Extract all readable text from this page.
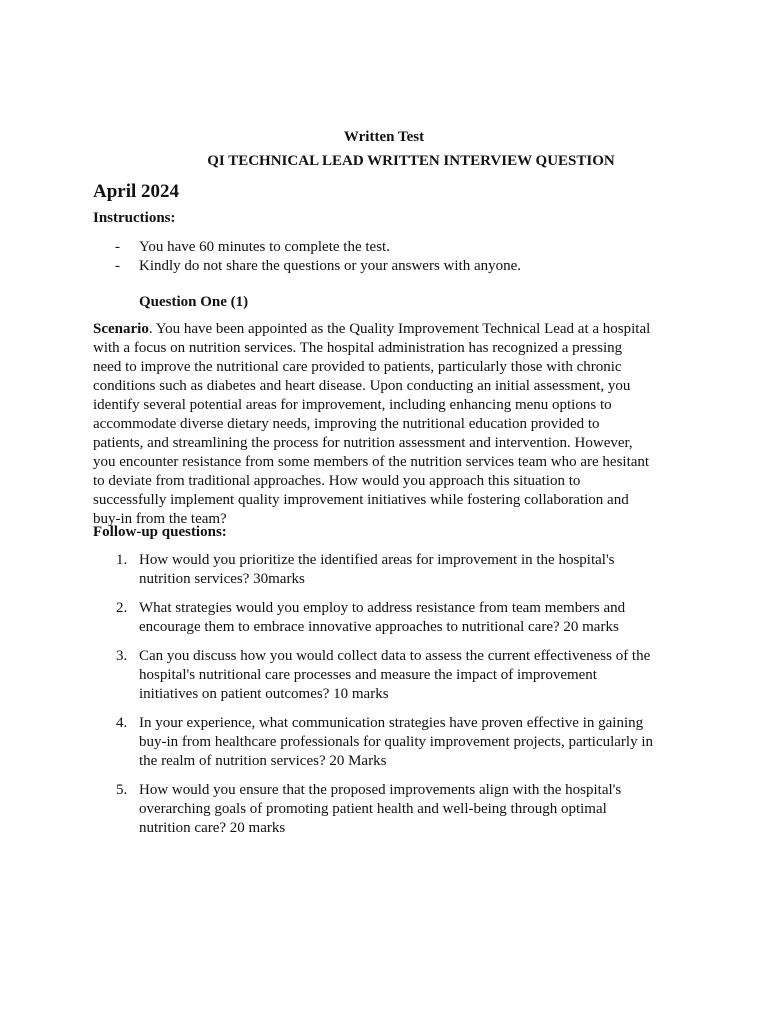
Written Test
QI TECHNICAL LEAD WRITTEN INTERVIEW QUESTION
April 2024
Instructions:
- You have 60 minutes to complete the test.
- Kindly do not share the questions or your answers with anyone.
Question One (1)

Scenario. You have been appointed as the Quality Improvement Technical Lead at a hospital with a focus on nutrition services. The hospital administration has recognized a pressing need to improve the nutritional care provided to patients, particularly those with chronic conditions such as diabetes and heart disease. Upon conducting an initial assessment, you identify several potential areas for improvement, including enhancing menu options to accommodate diverse dietary needs, improving the nutritional education provided to patients, and streamlining the process for nutrition assessment and intervention. However, you encounter resistance from some members of the nutrition services team who are hesitant to deviate from traditional approaches. How would you approach this situation to successfully implement quality improvement initiatives while fostering collaboration and buy-in from the team?

Follow-up questions:
1. How would you prioritize the identified areas for improvement in the hospital's nutrition services? 30marks
2. What strategies would you employ to address resistance from team members and encourage them to embrace innovative approaches to nutritional care? 20 marks
3. Can you discuss how you would collect data to assess the current effectiveness of the hospital's nutritional care processes and measure the impact of improvement initiatives on patient outcomes? 10 marks
4. In your experience, what communication strategies have proven effective in gaining buy-in from healthcare professionals for quality improvement projects, particularly in the realm of nutrition services? 20 Marks
5. How would you ensure that the proposed improvements align with the hospital's overarching goals of promoting patient health and well-being through optimal nutrition care? 20 marks
